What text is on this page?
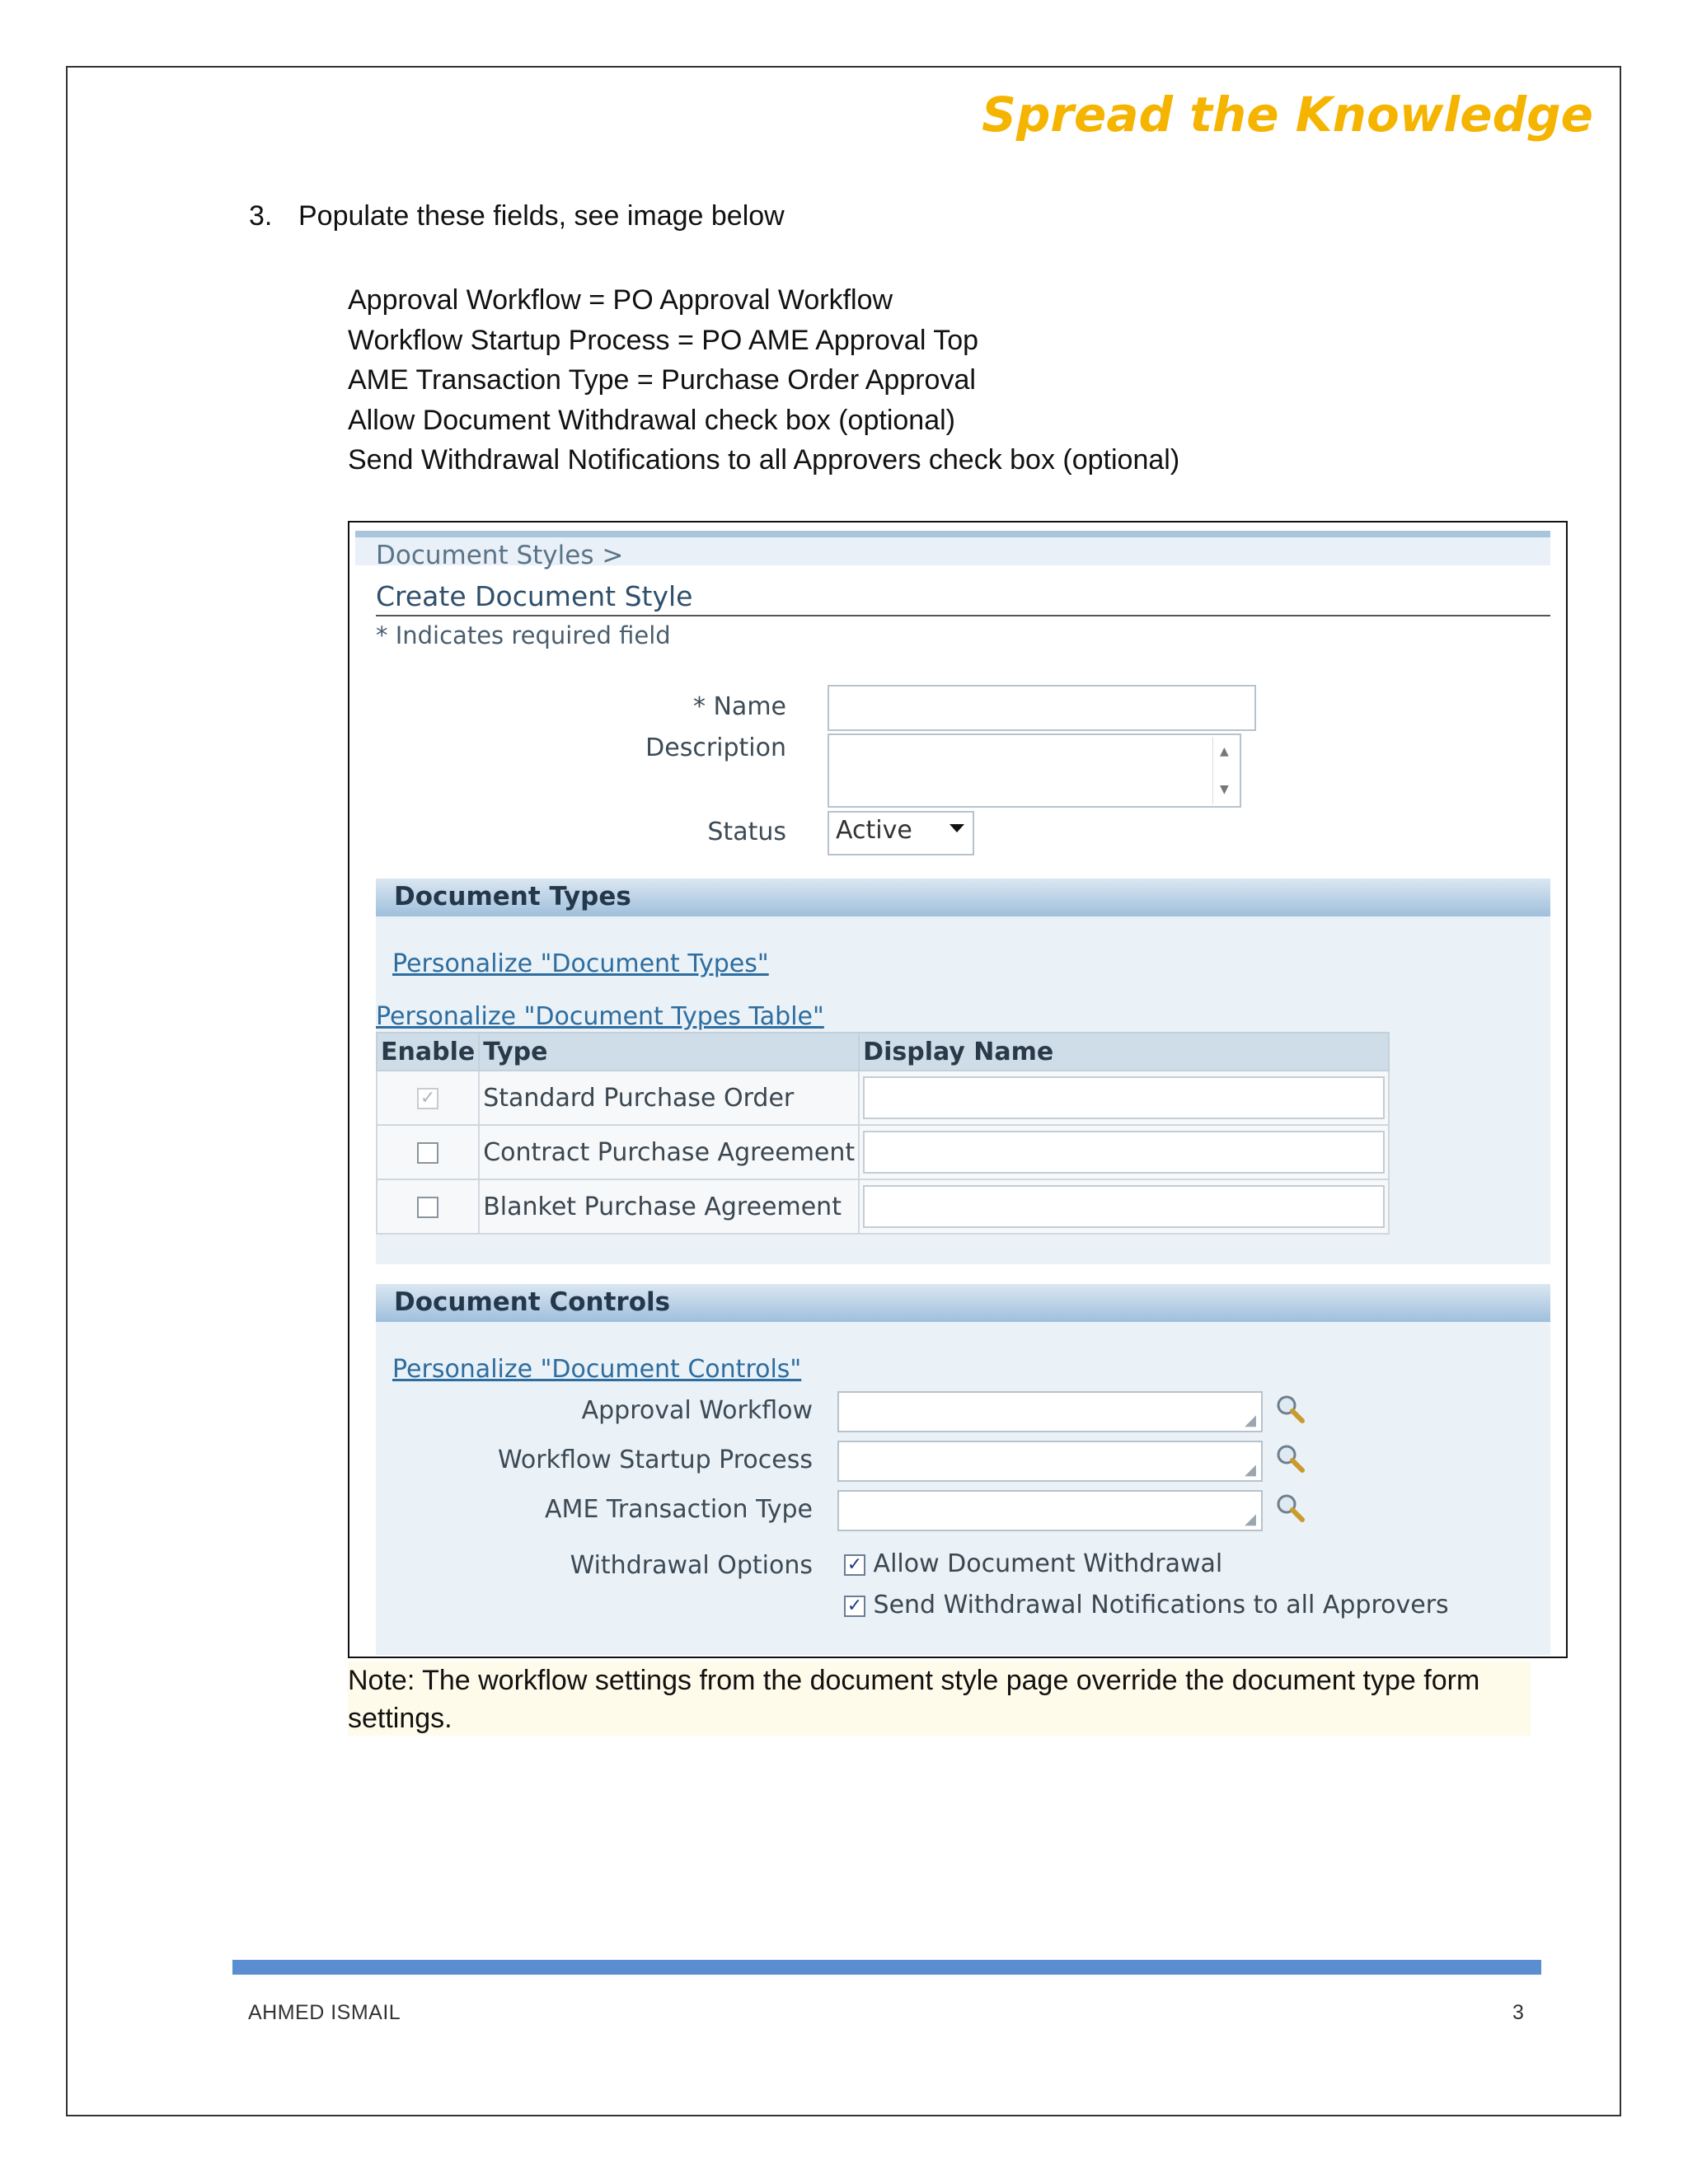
Spread the Knowledge
3. Populate these fields, see image below
Approval Workflow = PO Approval Workflow
Workflow Startup Process = PO AME Approval Top
AME Transaction Type = Purchase Order Approval
Allow Document Withdrawal check box (optional)
Send Withdrawal Notifications to all Approvers check box (optional)
Document Styles >
Create Document Style
* Indicates required field
* Name
Description	▲
▼
Status	Active
Document Types
Personalize "Document Types"
Personalize "Document Types Table"
Enable	Type	Display Name
✓	Standard Purchase Order	

	Contract Purchase Agreement	

	Blanket Purchase Agreement	
Document Controls
Personalize "Document Controls"
Approval Workflow	◢
Workflow Startup Process	◢
AME Transaction Type	◢
Withdrawal Options ✓ Allow Document Withdrawal
✓ Send Withdrawal Notifications to all Approvers
Note: The workflow settings from the document style page override the document type form settings.
AHMED ISMAIL	3
